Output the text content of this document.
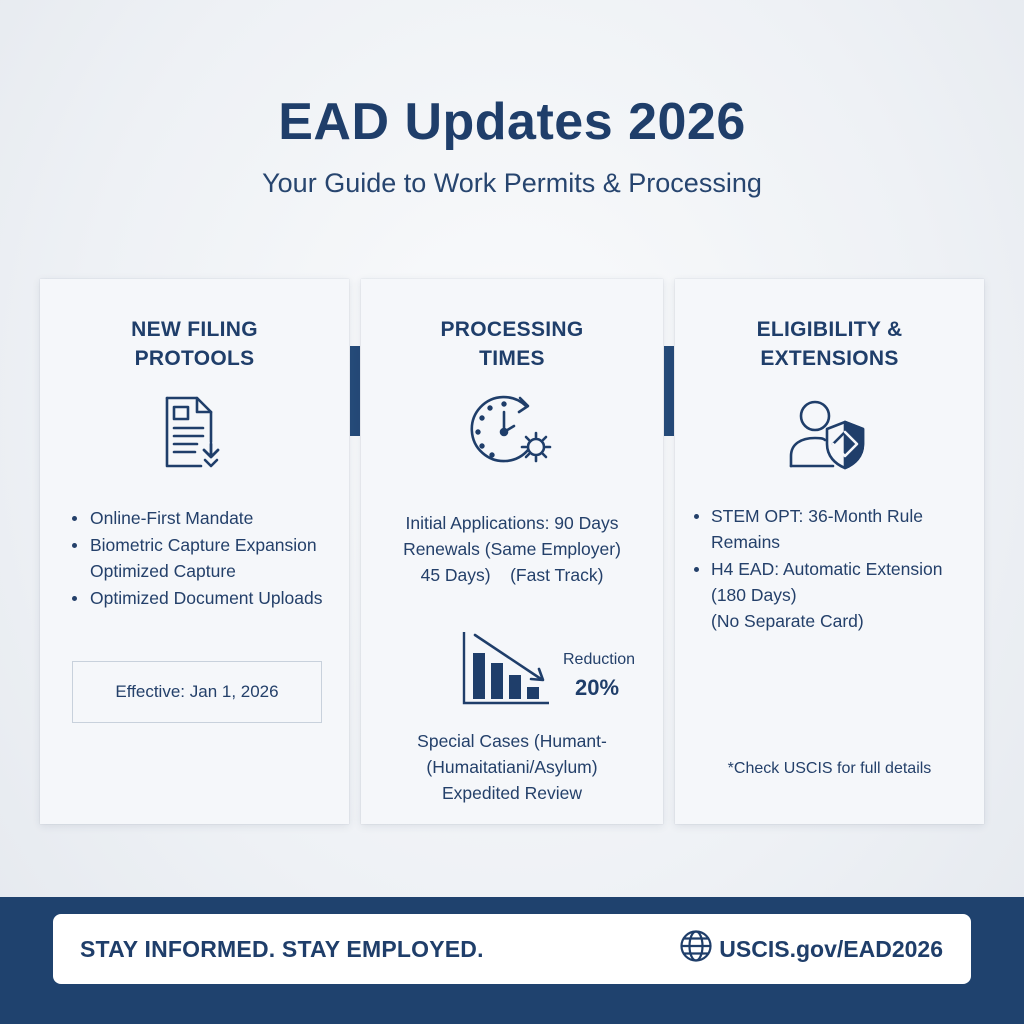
EAD Updates 2026
Your Guide to Work Permits & Processing
NEW FILING
PROTOOLS
Online-First Mandate
Biometric Capture Expansion
Optimized Capture
Optimized Document Uploads
Effective: Jan 1, 2026
PROCESSING
TIMES
Initial Applications: 90 Days
Renewals (Same Employer)
45 Days)    (Fast Track)
Reduction
20%
Special Cases (Humant-
(Humaitatiani/Asylum)
Expedited Review
ELIGIBILITY &
EXTENSIONS
STEM OPT: 36-Month Rule Remains
H4 EAD: Automatic Extension
(180 Days)
(No Separate Card)
*Check USCIS for full details
STAY INFORMED. STAY EMPLOYED.	USCIS.gov/EAD2026
